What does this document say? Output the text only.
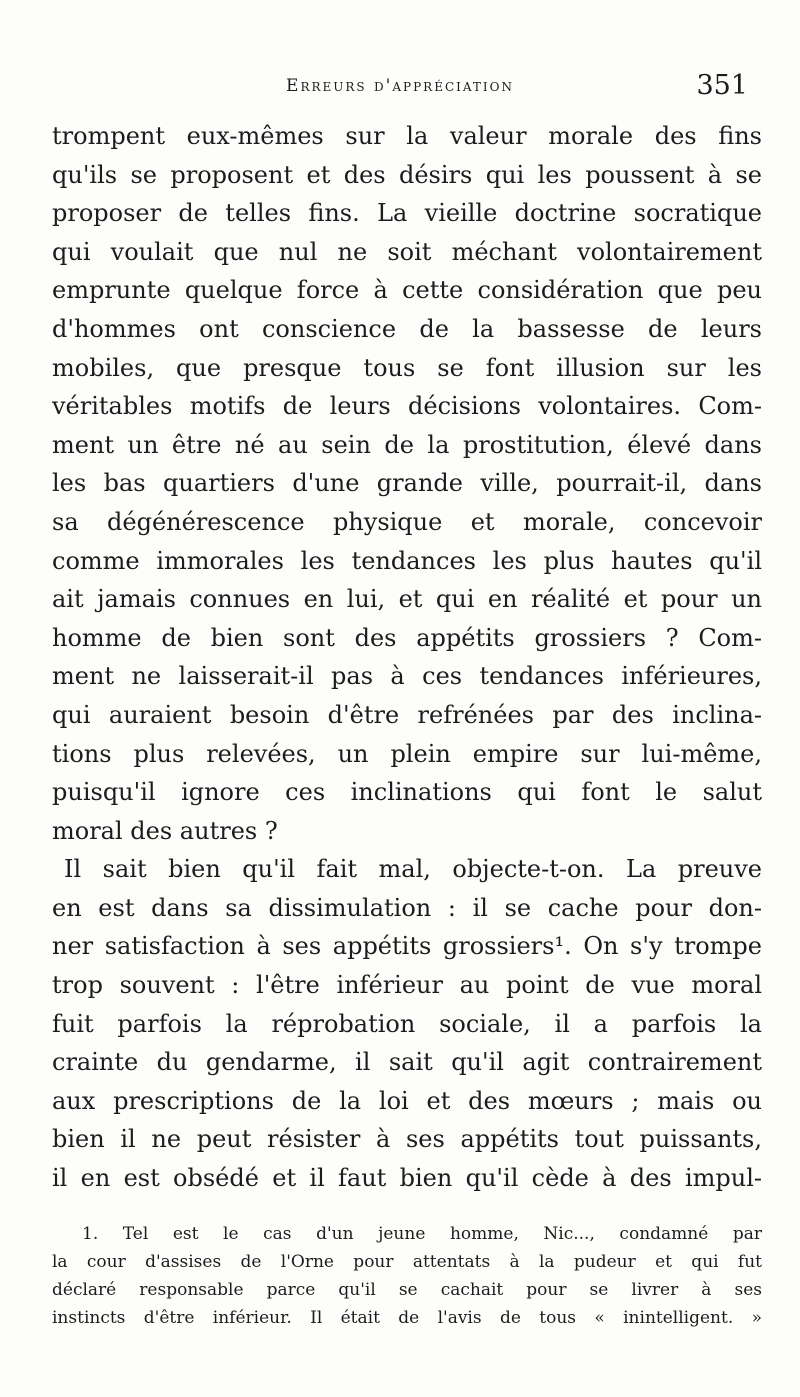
Erreurs d'appréciation	351
trompent eux-mêmes sur la valeur morale des fins
qu'ils se proposent et des désirs qui les poussent à se
proposer de telles fins. La vieille doctrine socratique
qui voulait que nul ne soit méchant volontairement
emprunte quelque force à cette considération que peu
d'hommes ont conscience de la bassesse de leurs
mobiles, que presque tous se font illusion sur les
véritables motifs de leurs décisions volontaires. Com-
ment un être né au sein de la prostitution, élevé dans
les bas quartiers d'une grande ville, pourrait-il, dans
sa dégénérescence physique et morale, concevoir
comme immorales les tendances les plus hautes qu'il
ait jamais connues en lui, et qui en réalité et pour un
homme de bien sont des appétits grossiers ? Com-
ment ne laisserait-il pas à ces tendances inférieures,
qui auraient besoin d'être refrénées par des inclina-
tions plus relevées, un plein empire sur lui-même,
puisqu'il ignore ces inclinations qui font le salut
moral des autres ?
Il sait bien qu'il fait mal, objecte-t-on. La preuve
en est dans sa dissimulation : il se cache pour don-
ner satisfaction à ses appétits grossiers¹. On s'y trompe
trop souvent : l'être inférieur au point de vue moral
fuit parfois la réprobation sociale, il a parfois la
crainte du gendarme, il sait qu'il agit contrairement
aux prescriptions de la loi et des mœurs ; mais ou
bien il ne peut résister à ses appétits tout puissants,
il en est obsédé et il faut bien qu'il cède à des impul-
1. Tel est le cas d'un jeune homme, Nic..., condamné par
la cour d'assises de l'Orne pour attentats à la pudeur et qui fut
déclaré responsable parce qu'il se cachait pour se livrer à ses
instincts d'être inférieur. Il était de l'avis de tous « inintelligent. »
